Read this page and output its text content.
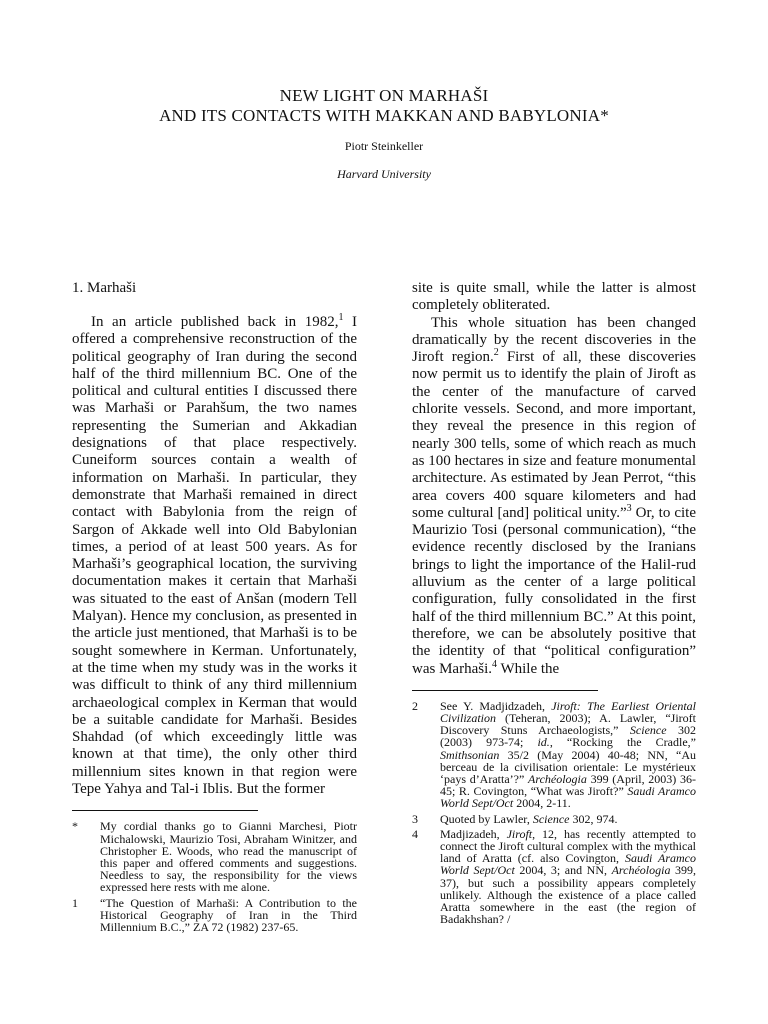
NEW LIGHT ON MARHAŠI
AND ITS CONTACTS WITH MAKKAN AND BABYLONIA*
Piotr Steinkeller
Harvard University
1. Marhaši

In an article published back in 1982,$^1$ I offered a comprehensive reconstruction of the political geography of Iran during the second half of the third millennium BC. One of the political and cultural entities I discussed there was Marhaši or Parahšum, the two names representing the Sumerian and Akkadian designations of that place respectively. Cuneiform sources contain a wealth of information on Marhaši. In particular, they demonstrate that Marhaši remained in direct contact with Babylonia from the reign of Sargon of Akkade well into Old Babylonian times, a period of at least 500 years. As for Marhaši’s geographical location, the surviving documentation makes it certain that Marhaši was situated to the east of Anšan (modern Tell Malyan). Hence my conclusion, as presented in the article just mentioned, that Marhaši is to be sought somewhere in Kerman. Unfortunately, at the time when my study was in the works it was difficult to think of any third millennium archaeological complex in Kerman that would be a suitable candidate for Marhaši. Besides Shahdad (of which exceedingly little was known at that time), the only other third millennium sites known in that region were Tepe Yahya and Tal-i Iblis. But the former

*	My cordial thanks go to Gianni Marchesi, Piotr Michalowski, Maurizio Tosi, Abraham Winitzer, and Christopher E. Woods, who read the manuscript of this paper and offered comments and suggestions. Needless to say, the responsibility for the views expressed here rests with me alone.
1	“The Question of Marhaši: A Contribution to the Historical Geography of Iran in the Third Millennium B.C.,” ZA 72 (1982) 237-65.

site is quite small, while the latter is almost completely obliterated.

This whole situation has been changed dramatically by the recent discoveries in the Jiroft region.$^2$ First of all, these discoveries now permit us to identify the plain of Jiroft as the center of the manufacture of carved chlorite vessels. Second, and more important, they reveal the presence in this region of nearly 300 tells, some of which reach as much as 100 hectares in size and feature monumental architecture. As estimated by Jean Perrot, “this area covers 400 square kilometers and had some cultural [and] political unity.”$^3$ Or, to cite Maurizio Tosi (personal communication), “the evidence recently disclosed by the Iranians brings to light the importance of the Halil-rud alluvium as the center of a large political configuration, fully consolidated in the first half of the third millennium BC.” At this point, therefore, we can be absolutely positive that the identity of that “political configuration” was Marhaši.$^4$ While the

2	See Y. Madjidzadeh, Jiroft: The Earliest Oriental Civilization (Teheran, 2003); A. Lawler, “Jiroft Discovery Stuns Archaeologists,” Science 302 (2003) 973-74; id., “Rocking the Cradle,” Smithsonian 35/2 (May 2004) 40-48; NN, “Au berceau de la civilisation orientale: Le mystérieux ‘pays d’Aratta’?” Archéologia 399 (April, 2003) 36-45; R. Covington, “What was Jiroft?” Saudi Aramco World Sept/Oct 2004, 2-11.
3	Quoted by Lawler, Science 302, 974.
4	Madjizadeh, Jiroft, 12, has recently attempted to connect the Jiroft cultural complex with the mythical land of Aratta (cf. also Covington, Saudi Aramco World Sept/Oct 2004, 3; and NN, Archéologia 399, 37), but such a possibility appears completely unlikely. Although the existence of a place called Aratta somewhere in the east (the region of Badakhshan? /
